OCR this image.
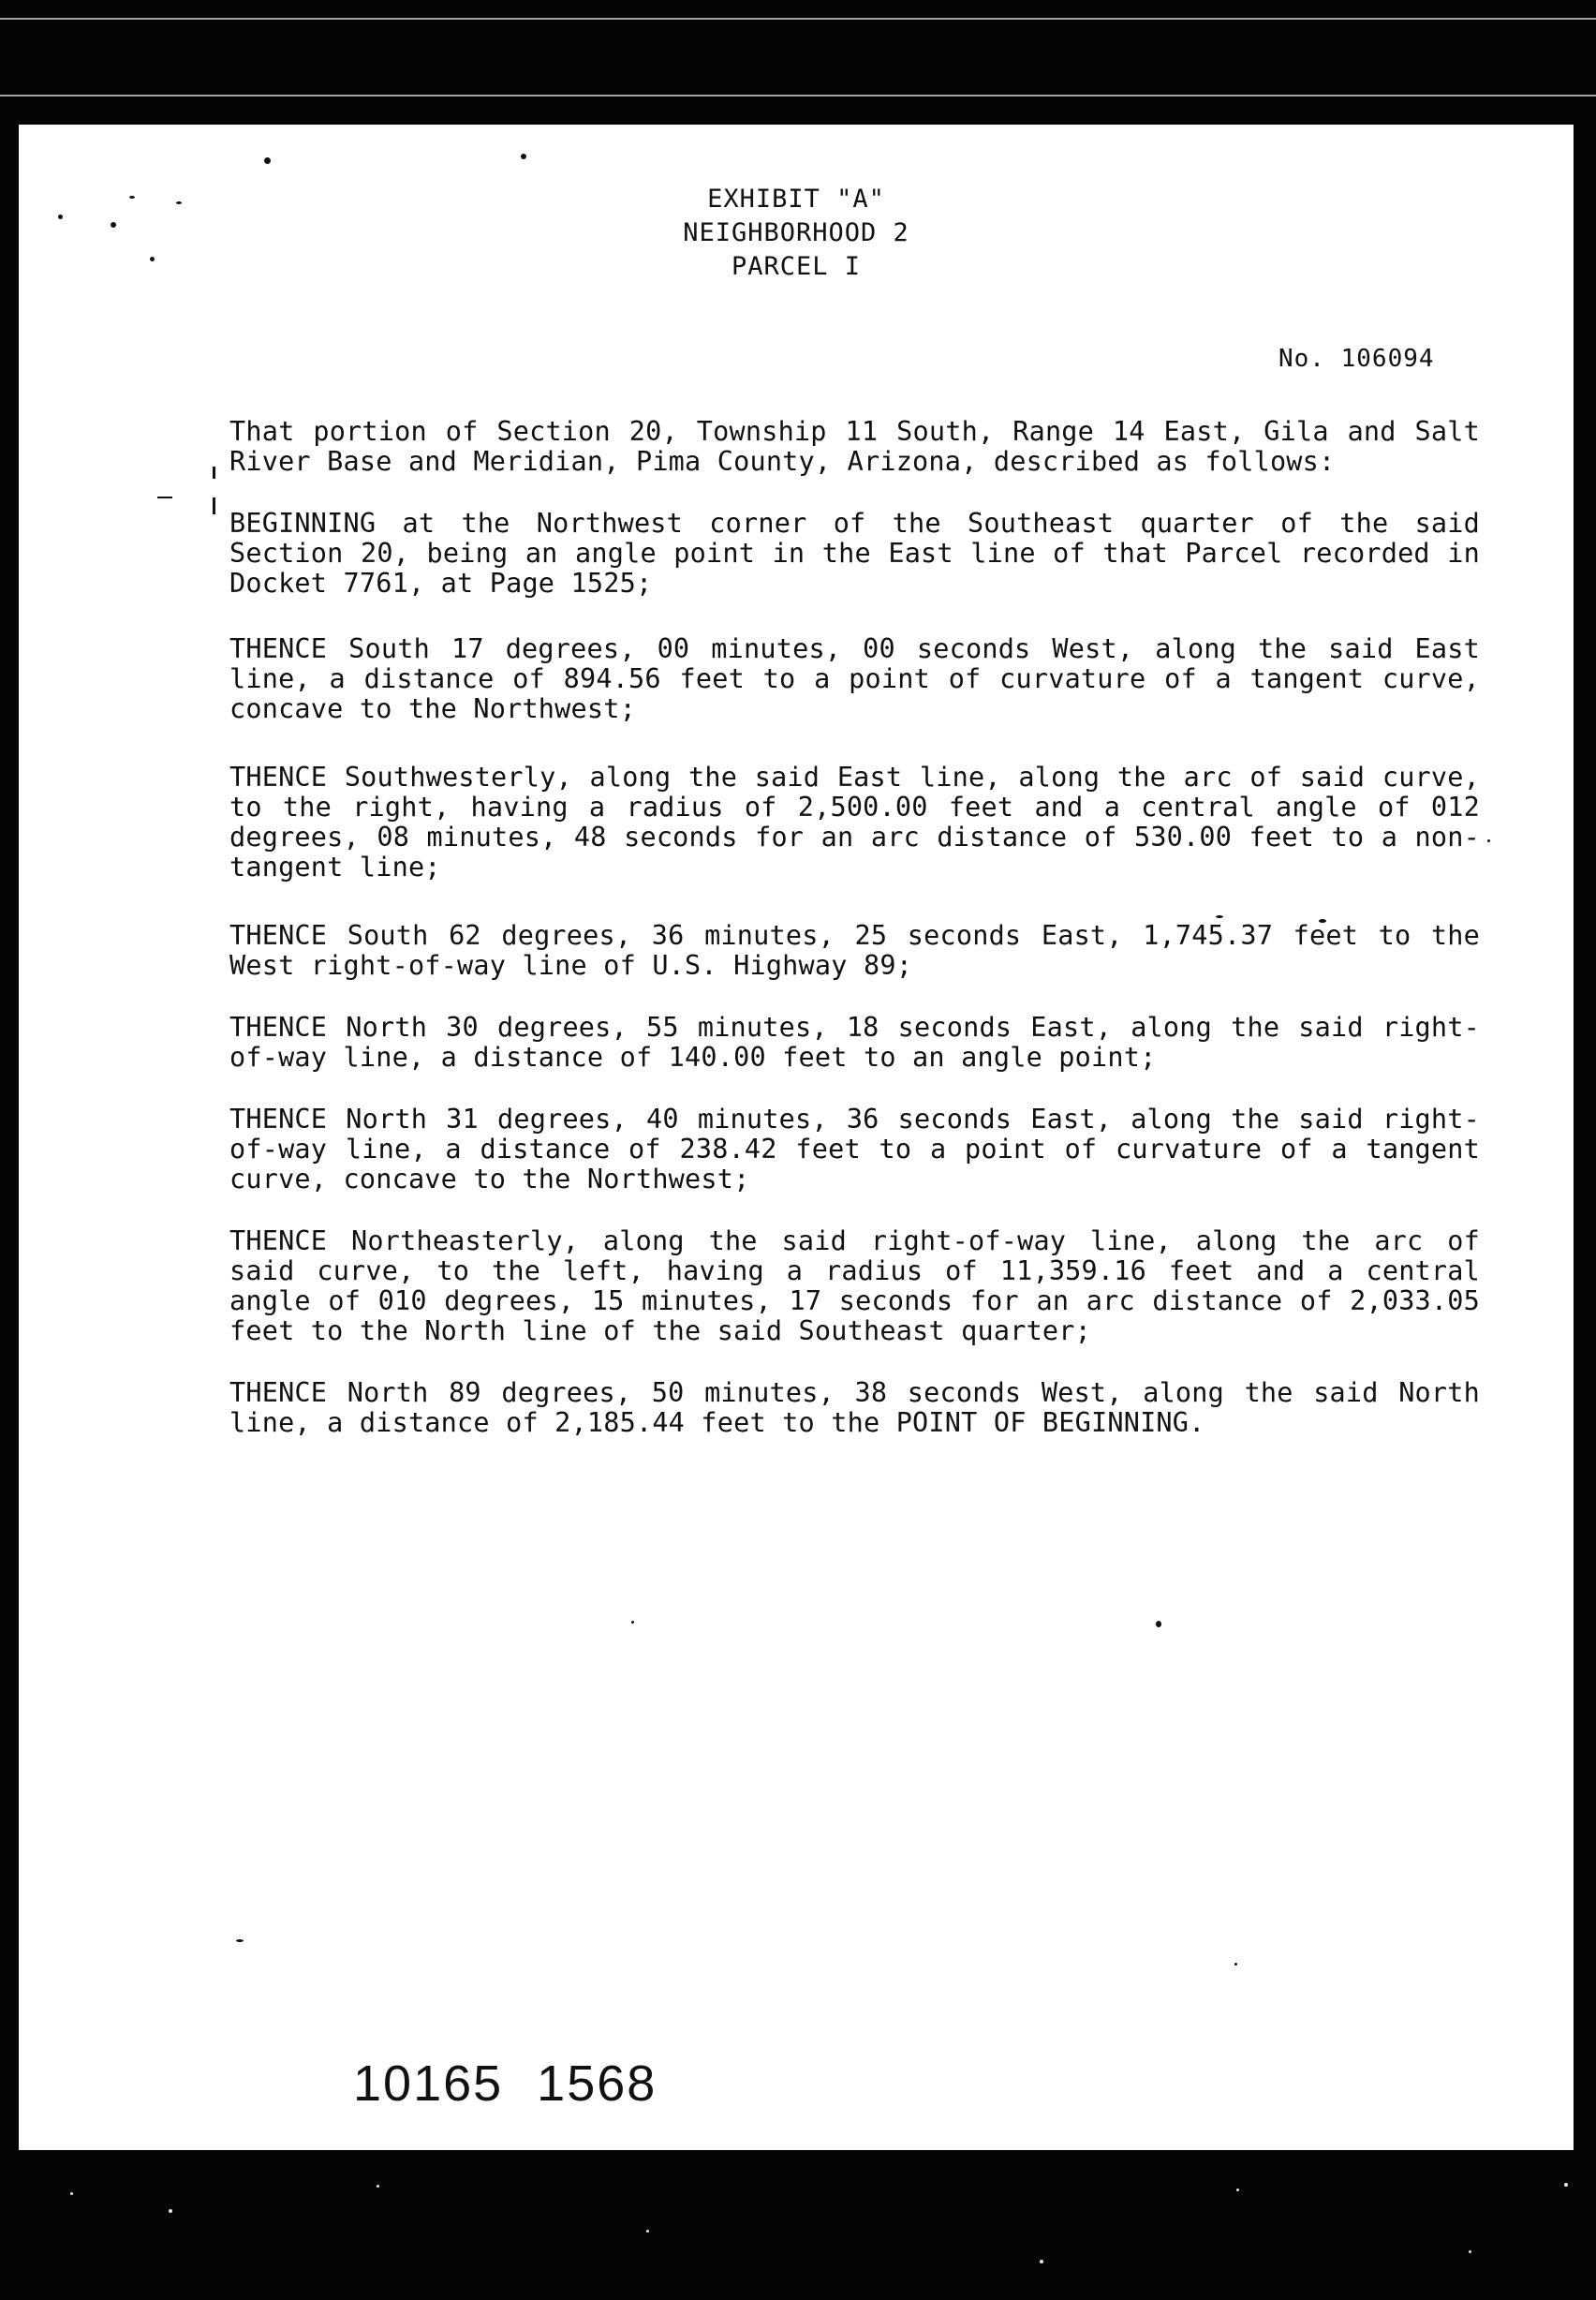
EXHIBIT "A"
NEIGHBORHOOD 2
PARCEL I
No. 106094

That portion of Section 20, Township 11 South, Range 14 East, Gila and Salt River Base and Meridian, Pima County, Arizona, described as follows:

BEGINNING at the Northwest corner of the Southeast quarter of the said Section 20, being an angle point in the East line of that Parcel recorded in Docket 7761, at Page 1525;

THENCE South 17 degrees, 00 minutes, 00 seconds West, along the said East line, a distance of 894.56 feet to a point of curvature of a tangent curve, concave to the Northwest;

THENCE Southwesterly, along the said East line, along the arc of said curve, to the right, having a radius of 2,500.00 feet and a central angle of 012 degrees, 08 minutes, 48 seconds for an arc distance of 530.00 feet to a non-tangent line;

THENCE South 62 degrees, 36 minutes, 25 seconds East, 1,745.37 feet to the West right-of-way line of U.S. Highway 89;

THENCE North 30 degrees, 55 minutes, 18 seconds East, along the said right-of-way line, a distance of 140.00 feet to an angle point;

THENCE North 31 degrees, 40 minutes, 36 seconds East, along the said right-of-way line, a distance of 238.42 feet to a point of curvature of a tangent curve, concave to the Northwest;

THENCE Northeasterly, along the said right-of-way line, along the arc of said curve, to the left, having a radius of 11,359.16 feet and a central angle of 010 degrees, 15 minutes, 17 seconds for an arc distance of 2,033.05 feet to the North line of the said Southeast quarter;

THENCE North 89 degrees, 50 minutes, 38 seconds West, along the said North line, a distance of 2,185.44 feet to the POINT OF BEGINNING.

10165 1568
